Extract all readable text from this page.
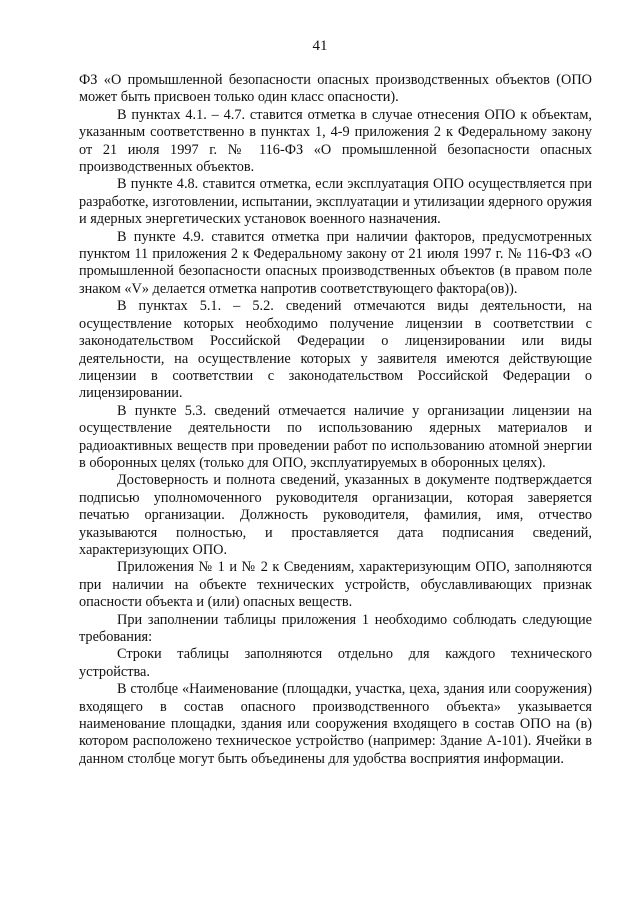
41

ФЗ «О промышленной безопасности опасных производственных объектов (ОПО может быть присвоен только один класс опасности).

В пунктах 4.1. – 4.7. ставится отметка в случае отнесения ОПО к объектам, указанным соответственно в пунктах 1, 4-9 приложения 2 к Федеральному закону от 21 июля 1997 г. № 116-ФЗ «О промышленной безопасности опасных производственных объектов.

В пункте 4.8. ставится отметка, если эксплуатация ОПО осуществляется при разработке, изготовлении, испытании, эксплуатации и утилизации ядерного оружия и ядерных энергетических установок военного назначения.

В пункте 4.9. ставится отметка при наличии факторов, предусмотренных пунктом 11 приложения 2 к Федеральному закону от 21 июля 1997 г. № 116-ФЗ «О промышленной безопасности опасных производственных объектов (в правом поле знаком «V» делается отметка напротив соответствующего фактора(ов)).

В пунктах 5.1. – 5.2. сведений отмечаются виды деятельности, на осуществление которых необходимо получение лицензии в соответствии с законодательством Российской Федерации о лицензировании или виды деятельности, на осуществление которых у заявителя имеются действующие лицензии в соответствии с законодательством Российской Федерации о лицензировании.

В пункте 5.3. сведений отмечается наличие у организации лицензии на осуществление деятельности по использованию ядерных материалов и радиоактивных веществ при проведении работ по использованию атомной энергии в оборонных целях (только для ОПО, эксплуатируемых в оборонных целях).

Достоверность и полнота сведений, указанных в документе подтверждается подписью уполномоченного руководителя организации, которая заверяется печатью организации. Должность руководителя, фамилия, имя, отчество указываются полностью, и проставляется дата подписания сведений, характеризующих ОПО.

Приложения № 1 и № 2 к Сведениям, характеризующим ОПО, заполняются при наличии на объекте технических устройств, обуславливающих признак опасности объекта и (или) опасных веществ.

При заполнении таблицы приложения 1 необходимо соблюдать следующие требования:

Строки таблицы заполняются отдельно для каждого технического устройства.

В столбце «Наименование (площадки, участка, цеха, здания или сооружения) входящего в состав опасного производственного объекта» указывается наименование площадки, здания или сооружения входящего в состав ОПО на (в) котором расположено техническое устройство (например: Здание А-101). Ячейки в данном столбце могут быть объединены для удобства восприятия информации.
